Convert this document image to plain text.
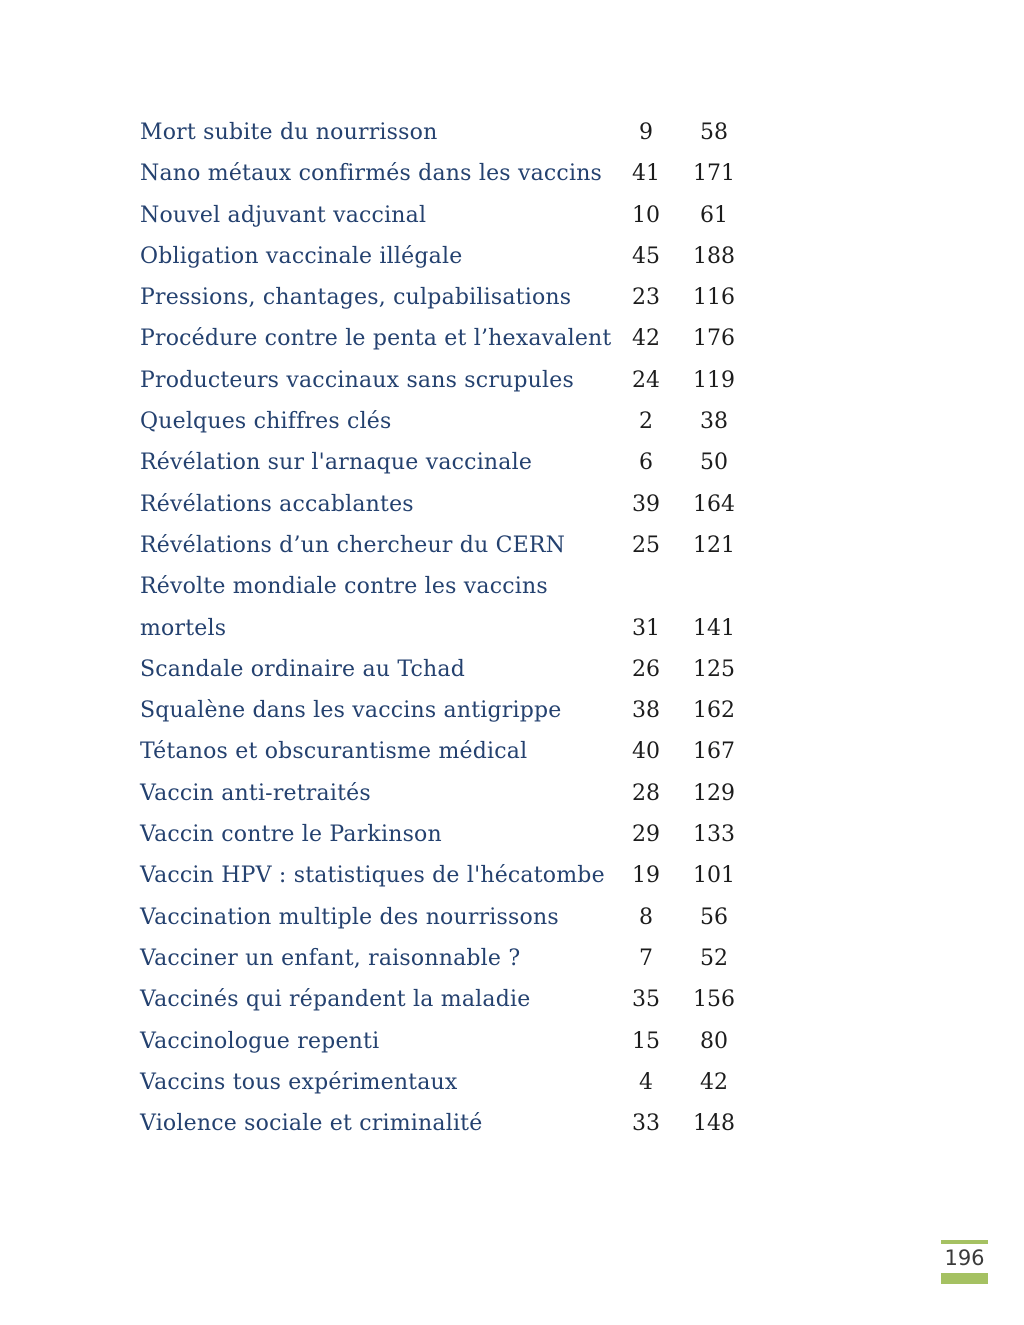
Mort subite du nourrisson	9	58
Nano métaux confirmés dans les vaccins	41	171
Nouvel adjuvant vaccinal	10	61
Obligation vaccinale illégale	45	188
Pressions, chantages, culpabilisations	23	116
Procédure contre le penta et l’hexavalent 42	176
Producteurs vaccinaux sans scrupules	24	119
Quelques chiffres clés	2	38
Révélation sur l'arnaque vaccinale	6	50
Révélations accablantes	39	164
Révélations d’un chercheur du CERN	25	121
Révolte mondiale contre les vaccins
mortels	31	141
Scandale ordinaire au Tchad	26	125
Squalène dans les vaccins antigrippe	38	162
Tétanos et obscurantisme médical	40	167
Vaccin anti-retraités	28	129
Vaccin contre le Parkinson	29	133
Vaccin HPV : statistiques de l'hécatombe	19	101
Vaccination multiple des nourrissons	8	56
Vacciner un enfant, raisonnable ?	7	52
Vaccinés qui répandent la maladie	35	156
Vaccinologue repenti	15	80
Vaccins tous expérimentaux	4	42
Violence sociale et criminalité	33	148
196
